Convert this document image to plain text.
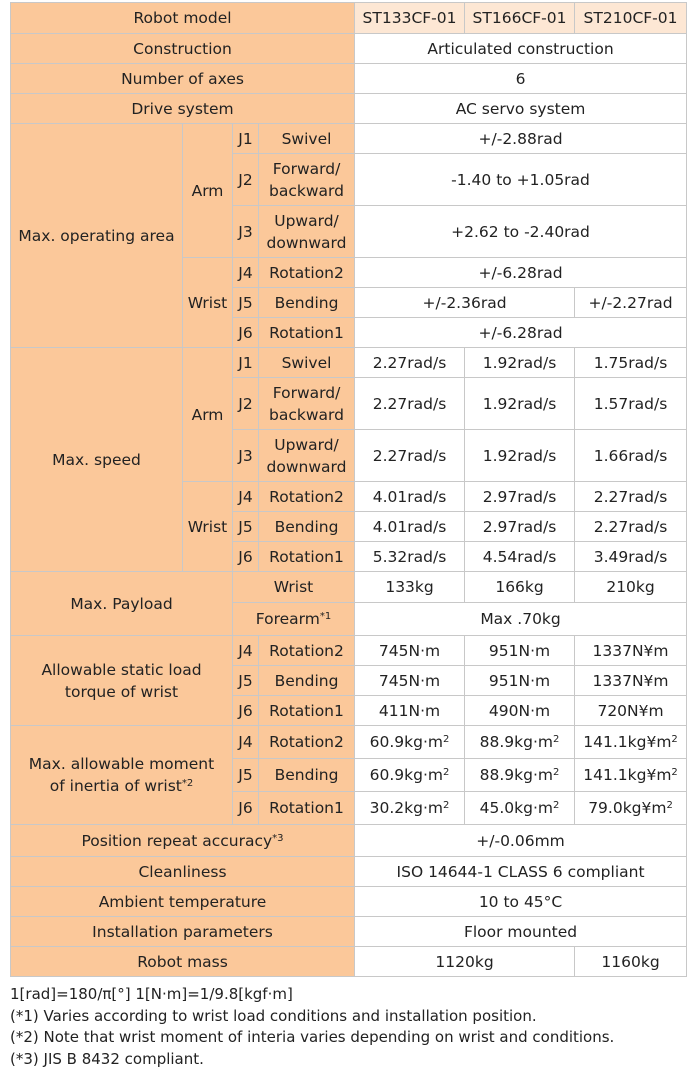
Robot model				ST133CF-01	ST166CF-01	ST210CF-01
Construction				Articulated construction		
Number of axes				6		
Drive system				AC servo system		
Max. operating area	Arm	J1	Swivel	+/-2.88rad		
		J2	Forward/
backward	-1.40 to +1.05rad		
		J3	Upward/
downward	+2.62 to -2.40rad		
	Wrist	J4	Rotation2	+/-6.28rad		
		J5	Bending	+/-2.36rad		+/-2.27rad
		J6	Rotation1	+/-6.28rad		
Max. speed	Arm	J1	Swivel	2.27rad/s	1.92rad/s	1.75rad/s
		J2	Forward/
backward	2.27rad/s	1.92rad/s	1.57rad/s
		J3	Upward/
downward	2.27rad/s	1.92rad/s	1.66rad/s
	Wrist	J4	Rotation2	4.01rad/s	2.97rad/s	2.27rad/s
		J5	Bending	4.01rad/s	2.97rad/s	2.27rad/s
		J6	Rotation1	5.32rad/s	4.54rad/s	3.49rad/s
Max. Payload		Wrist		133kg	166kg	210kg
		Forearm$^{*1}$		Max .70kg		
Allowable static load
torque of wrist		J4	Rotation2	745N·m	951N·m	1337N¥m
		J5	Bending	745N·m	951N·m	1337N¥m
		J6	Rotation1	411N·m	490N·m	720N¥m
Max. allowable moment
of inertia of wrist$^{*2}$		J4	Rotation2	$60.9kg\cdot m^2$	$88.9kg\cdot m^2$	$141.1kg¥m^2$
		J5	Bending	$60.9kg\cdot m^2$	$88.9kg\cdot m^2$	$141.1kg¥m^2$
		J6	Rotation1	$30.2kg\cdot m^2$	$45.0kg\cdot m^2$	$79.0kg¥m^2$
Position repeat accuracy$^{*3}$				+/-0.06mm		
Cleanliness				ISO 14644-1 CLASS 6 compliant		
Ambient temperature				10 to 45°C		
Installation parameters				Floor mounted		
Robot mass				1120kg		1160kg
1[rad]=180/π[°] 1[N·m]=1/9.8[kgf·m]
(*1) Varies according to wrist load conditions and installation position.
(*2) Note that wrist moment of interia varies depending on wrist and conditions.
(*3) JIS B 8432 compliant.
